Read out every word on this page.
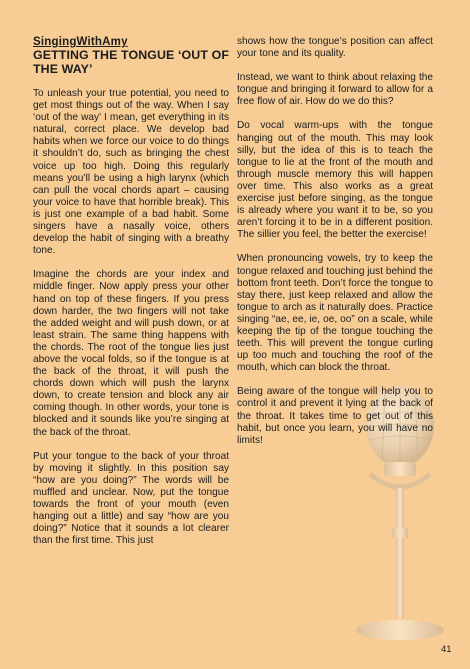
SingingWithAmy
GETTING THE TONGUE ‘OUT OF THE WAY’

To unleash your true potential, you need to get most things out of the way. When I say ‘out of the way’ I mean, get everything in its natural, correct place. We develop bad habits when we force our voice to do things it shouldn’t do, such as bringing the chest voice up too high. Doing this regularly means you’ll be using a high larynx (which can pull the vocal chords apart – causing your voice to have that horrible break). This is just one example of a bad habit. Some singers have a nasally voice, others develop the habit of singing with a breathy tone.

Imagine the chords are your index and middle finger. Now apply press your other hand on top of these fingers. If you press down harder, the two fingers will not take the added weight and will push down, or at least strain. The same thing happens with the chords. The root of the tongue lies just above the vocal folds, so if the tongue is at the back of the throat, it will push the chords down which will push the larynx down, to create tension and block any air coming though. In other words, your tone is blocked and it sounds like you’re singing at the back of the throat.

Put your tongue to the back of your throat by moving it slightly. In this position say “how are you doing?” The words will be muffled and unclear. Now, put the tongue towards the front of your mouth (even hanging out a little) and say “how are you doing?” Notice that it sounds a lot clearer than the first time. This just

shows how the tongue’s position can affect your tone and its quality.

Instead, we want to think about relaxing the tongue and bringing it forward to allow for a free flow of air. How do we do this?

Do vocal warm-ups with the tongue hanging out of the mouth. This may look silly, but the idea of this is to teach the tongue to lie at the front of the mouth and through muscle memory this will happen over time. This also works as a great exercise just before singing, as the tongue is already where you want it to be, so you aren’t forcing it to be in a different position. The sillier you feel, the better the exercise!

When pronouncing vowels, try to keep the tongue relaxed and touching just behind the bottom front teeth. Don’t force the tongue to stay there, just keep relaxed and allow the tongue to arch as it naturally does. Practice singing “ae, ee, ie, oe, oo” on a scale, while keeping the tip of the tongue touching the teeth. This will prevent the tongue curling up too much and touching the roof of the mouth, which can block the throat.

Being aware of the tongue will help you to control it and prevent it lying at the back of the throat. It takes time to get out of this habit, but once you learn, you will have no limits!

41
